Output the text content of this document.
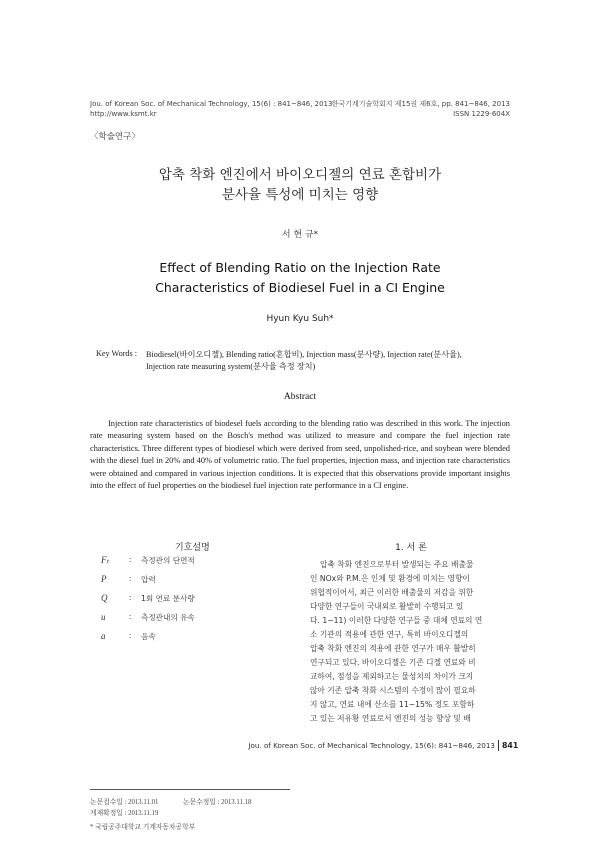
Jou. of Korean Soc. of Mechanical Technology, 15(6) : 841~846, 2013
http://www.ksmt.kr
한국기계기술학회지 제15권 제6호, pp. 841~846, 2013
ISSN 1229-604X
〈학술연구〉
압축 착화 엔진에서 바이오디젤의 연료 혼합비가
분사율 특성에 미치는 영향
서 현 규*
Effect of Blending Ratio on the Injection Rate
Characteristics of Biodiesel Fuel in a CI Engine
Hyun Kyu Suh*
Key Words : Biodiesel(바이오디젤), Blending ratio(혼합비), Injection mass(분사량), Injection rate(분사율),
Injection rate measuring system(분사율 측정 장치)
Abstract
Injection rate characteristics of biodesel fuels according to the blending ratio was described in this work. The injection rate measuring system based on the Bosch's method was utilized to measure and compare the fuel injection rate characteristics. Three different types of biodiesel which were derived from seed, unpolished-rice, and soybean were blended with the diesel fuel in 20% and 40% of volumetric ratio. The fuel properties, injection mass, and injection rate characteristics were obtained and compared in various injection conditions. It is expected that this observations provide important insights into the effect of fuel properties on the biodiesel fuel injection rate performance in a CI engine.
기호설명
Fₜ : 측정관의 단면적
P	: 압력
Q	: 1회 연료 분사량
u	: 측정관내의 유속
a	: 음속
논문접수일 : 2013.11.01	논문수정일 : 2013.11.18
게재확정일 : 2013.11.19
* 국립공주대학교 기계자동차공학부
1. 서 론
압축 착화 엔진으로부터 발생되는 주요 배출물
인 NOx와 P.M.은 인체 및 환경에 미치는 영향이
위협적이어서, 최근 이러한 배출물의 저감을 위한
다양한 연구들이 국내외로 활발히 수행되고 있
다. 1~11) 이러한 다양한 연구들 중 대체 연료의 연
소 기관의 적용에 관한 연구, 특히 바이오디젤의
압축 착화 엔진의 적용에 관한 연구가 매우 활발히
연구되고 있다. 바이오디젤은 기존 디젤 연료와 비
교하여, 점성을 제외하고는 물성치의 차이가 크지
않아 기존 압축 착화 시스템의 수정이 많이 필요하
지 않고, 연료 내에 산소를 11~15% 정도 포함하
고 있는 저유황 연료로서 엔진의 성능 향상 및 배
Jou. of Korean Soc. of Mechanical Technology, 15(6): 841~846, 2013 841
